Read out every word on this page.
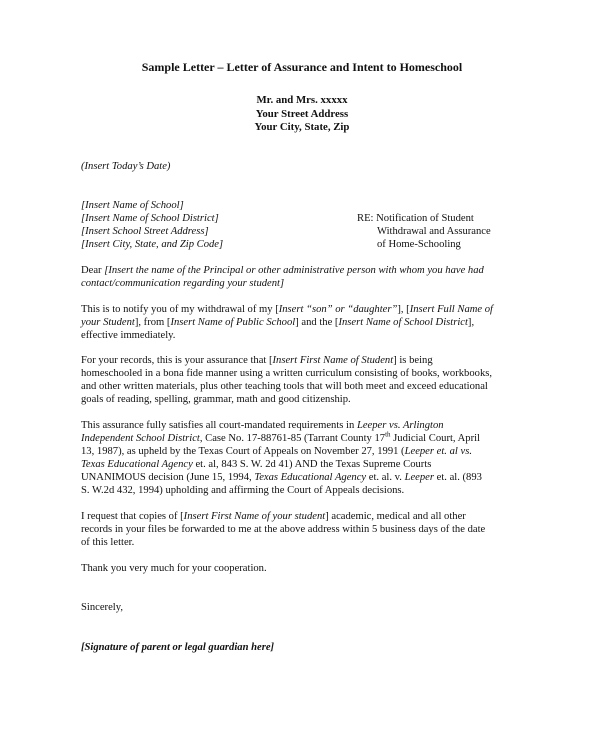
Sample Letter – Letter of Assurance and Intent to Homeschool
Mr. and Mrs. xxxxx
Your Street Address
Your City, State, Zip
(Insert Today’s Date)
[Insert Name of School]
[Insert Name of School District]
[Insert School Street Address]
[Insert City, State, and Zip Code]
RE: Notification of Student
Withdrawal and Assurance
of Home-Schooling
Dear [Insert the name of the Principal or other administrative person with whom you have had
contact/communication regarding your student]
This is to notify you of my withdrawal of my [Insert “son” or “daughter”], [Insert Full Name of
your Student], from [Insert Name of Public School] and the [Insert Name of School District],
effective immediately.
For your records, this is your assurance that [Insert First Name of Student] is being
homeschooled in a bona fide manner using a written curriculum consisting of books, workbooks,
and other written materials, plus other teaching tools that will both meet and exceed educational
goals of reading, spelling, grammar, math and good citizenship.
This assurance fully satisfies all court-mandated requirements in Leeper vs. Arlington
Independent School District, Case No. 17-88761-85 (Tarrant County 17th Judicial Court, April
13, 1987), as upheld by the Texas Court of Appeals on November 27, 1991 (Leeper et. al vs.
Texas Educational Agency et. al, 843 S. W. 2d 41) AND the Texas Supreme Courts
UNANIMOUS decision (June 15, 1994, Texas Educational Agency et. al. v. Leeper et. al. (893
S. W.2d 432, 1994) upholding and affirming the Court of Appeals decisions.
I request that copies of [Insert First Name of your student] academic, medical and all other
records in your files be forwarded to me at the above address within 5 business days of the date
of this letter.
Thank you very much for your cooperation.
Sincerely,
[Signature of parent or legal guardian here]
